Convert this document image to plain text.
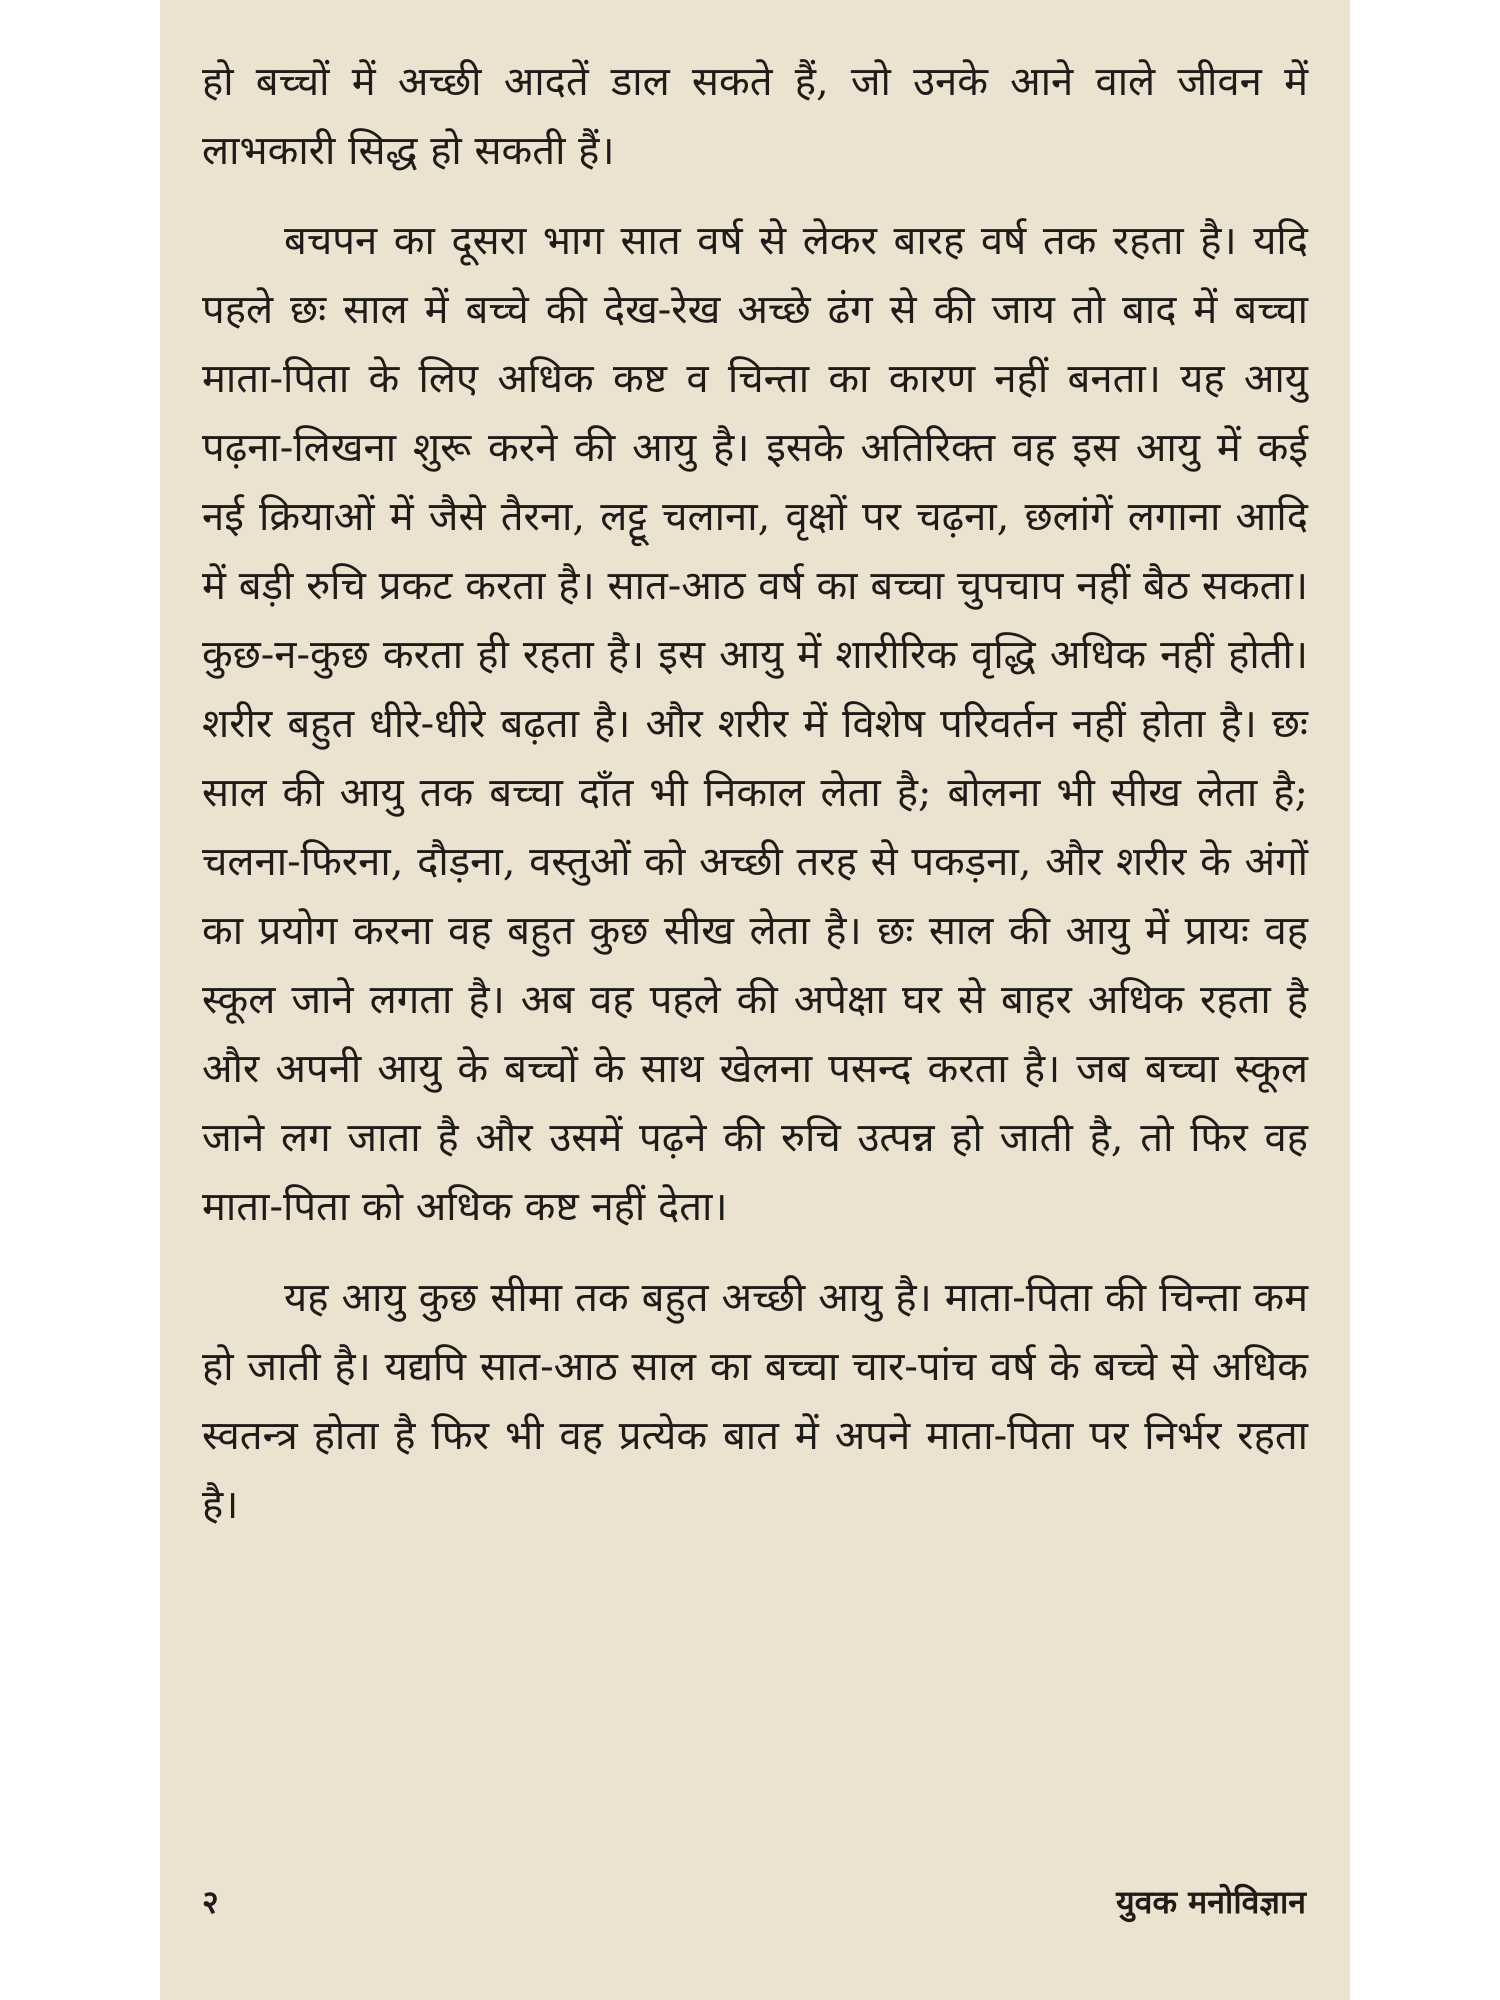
हो बच्चों में अच्छी आदतें डाल सकते हैं, जो उनके आने वाले जीवन में लाभकारी सिद्ध हो सकती हैं।

बचपन का दूसरा भाग सात वर्ष से लेकर बारह वर्ष तक रहता है। यदि पहले छः साल में बच्चे की देख-रेख अच्छे ढंग से की जाय तो बाद में बच्चा माता-पिता के लिए अधिक कष्ट व चिन्ता का कारण नहीं बनता। यह आयु पढ़ना-लिखना शुरू करने की आयु है। इसके अतिरिक्त वह इस आयु में कई नई क्रियाओं में जैसे तैरना, लट्टू चलाना, वृक्षों पर चढ़ना, छलांगें लगाना आदि में बड़ी रुचि प्रकट करता है। सात-आठ वर्ष का बच्चा चुपचाप नहीं बैठ सकता। कुछ-न-कुछ करता ही रहता है। इस आयु में शारीरिक वृद्धि अधिक नहीं होती। शरीर बहुत धीरे-धीरे बढ़ता है। और शरीर में विशेष परिवर्तन नहीं होता है। छः साल की आयु तक बच्चा दाँत भी निकाल लेता है; बोलना भी सीख लेता है; चलना-फिरना, दौड़ना, वस्तुओं को अच्छी तरह से पकड़ना, और शरीर के अंगों का प्रयोग करना वह बहुत कुछ सीख लेता है। छः साल की आयु में प्रायः वह स्कूल जाने लगता है। अब वह पहले की अपेक्षा घर से बाहर अधिक रहता है और अपनी आयु के बच्चों के साथ खेलना पसन्द करता है। जब बच्चा स्कूल जाने लग जाता है और उसमें पढ़ने की रुचि उत्पन्न हो जाती है, तो फिर वह माता-पिता को अधिक कष्ट नहीं देता।

यह आयु कुछ सीमा तक बहुत अच्छी आयु है। माता-पिता की चिन्ता कम हो जाती है। यद्यपि सात-आठ साल का बच्चा चार-पांच वर्ष के बच्चे से अधिक स्वतन्त्र होता है फिर भी वह प्रत्येक बात में अपने माता-पिता पर निर्भर रहता है।

२	युवक मनोविज्ञान
